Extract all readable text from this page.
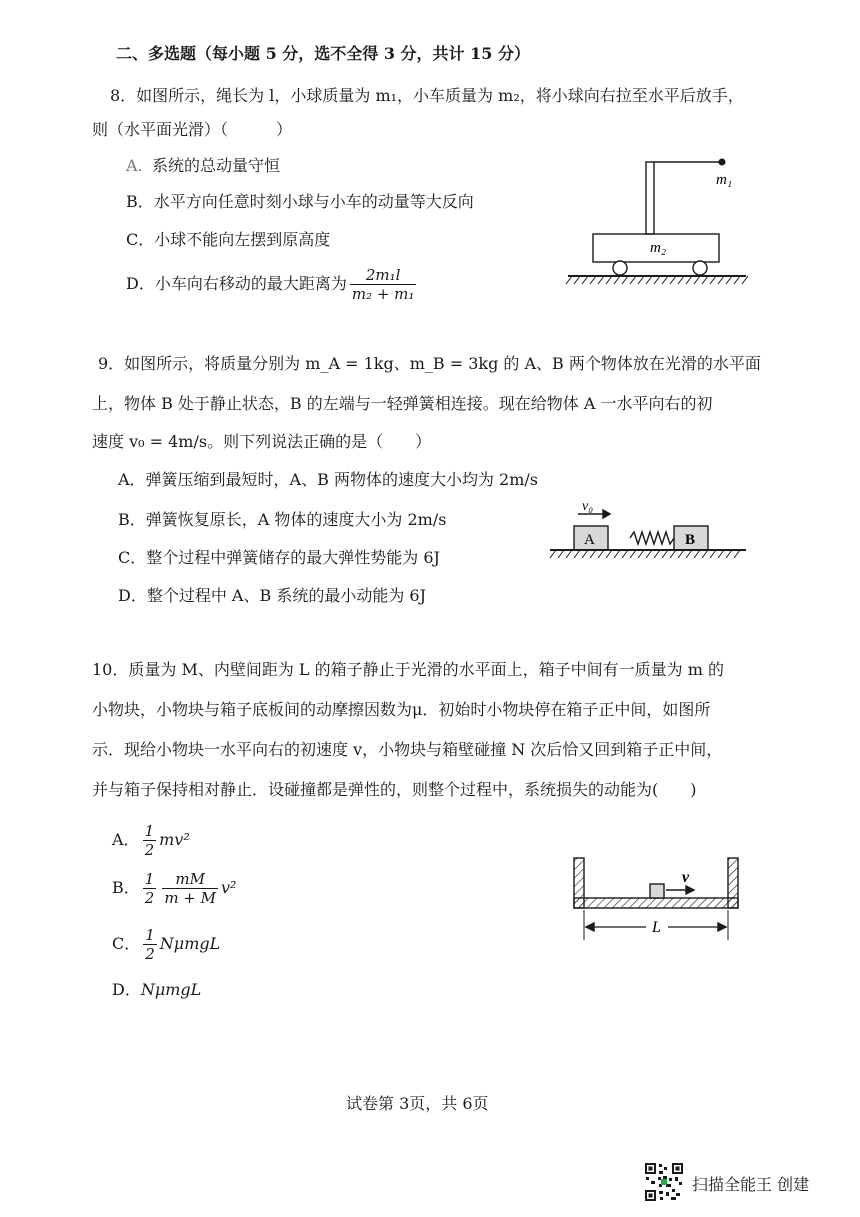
二、多选题（每小题 5 分，选不全得 3 分，共计 15 分）
8．如图所示，绳长为 l，小球质量为 m₁，小车质量为 m₂，将小球向右拉至水平后放手，
则（水平面光滑）（　　　）
A. 系统的总动量守恒
B．水平方向任意时刻小球与小车的动量等大反向
C．小球不能向左摆到原高度
D．小车向右移动的最大距离为 $\frac{\text{2m₁l}}{\text{m₂ + m₁}}$
m₁
m₂
9．如图所示，将质量分别为 m_A = 1kg、m_B = 3kg 的 A、B 两个物体放在光滑的水平面
上，物体 B 处于静止状态，B 的左端与一轻弹簧相连接。现在给物体 A 一水平向右的初
速度 v₀ = 4m/s。则下列说法正确的是（　　）
A．弹簧压缩到最短时，A、B 两物体的速度大小均为 2m/s
B．弹簧恢复原长，A 物体的速度大小为 2m/s
C．整个过程中弹簧储存的最大弹性势能为 6J
D．整个过程中 A、B 系统的最小动能为 6J
v₀
A	B
10．质量为 M、内壁间距为 L 的箱子静止于光滑的水平面上，箱子中间有一质量为 m 的
小物块，小物块与箱子底板间的动摩擦因数为μ．初始时小物块停在箱子正中间，如图所
示．现给小物块一水平向右的初速度 v，小物块与箱壁碰撞 N 次后恰又回到箱子正中间，
并与箱子保持相对静止．设碰撞都是弹性的，则整个过程中，系统损失的动能为(　　)
A． $\frac{1}{2} mv^2$
B． $\frac{1}{2} \frac{mM}{m + M} v^2$
C． $\frac{1}{2}$ NμmgL
D．NμmgL
v
L
试卷第 3页，共 6页
扫描全能王 创建
